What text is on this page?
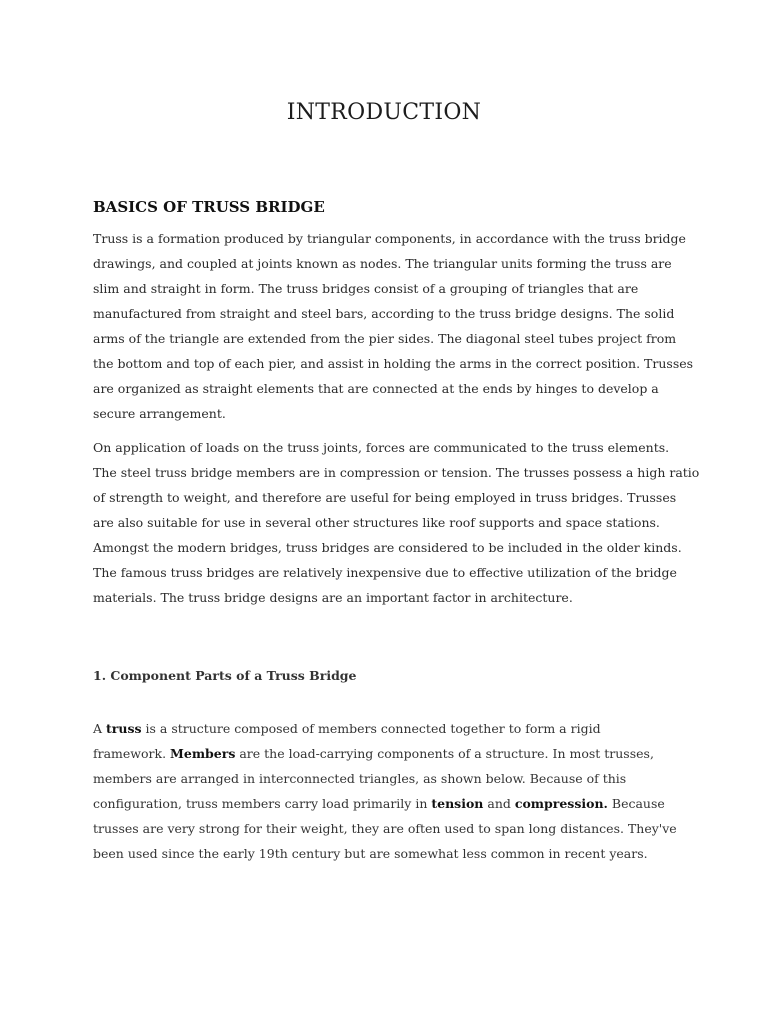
INTRODUCTION
BASICS OF TRUSS BRIDGE

Truss is a formation produced by triangular components, in accordance with the truss bridge
drawings, and coupled at joints known as nodes. The triangular units forming the truss are
slim and straight in form. The truss bridges consist of a grouping of triangles that are
manufactured from straight and steel bars, according to the truss bridge designs. The solid
arms of the triangle are extended from the pier sides. The diagonal steel tubes project from
the bottom and top of each pier, and assist in holding the arms in the correct position. Trusses
are organized as straight elements that are connected at the ends by hinges to develop a
secure arrangement.

On application of loads on the truss joints, forces are communicated to the truss elements.
The steel truss bridge members are in compression or tension. The trusses possess a high ratio
of strength to weight, and therefore are useful for being employed in truss bridges. Trusses
are also suitable for use in several other structures like roof supports and space stations.
Amongst the modern bridges, truss bridges are considered to be included in the older kinds.
The famous truss bridges are relatively inexpensive due to effective utilization of the bridge
materials. The truss bridge designs are an important factor in architecture.

1. Component Parts of a Truss Bridge

A truss is a structure composed of members connected together to form a rigid
framework. Members are the load-carrying components of a structure. In most trusses,
members are arranged in interconnected triangles, as shown below. Because of this
configuration, truss members carry load primarily in tension and compression. Because
trusses are very strong for their weight, they are often used to span long distances. They've
been used since the early 19th century but are somewhat less common in recent years.
